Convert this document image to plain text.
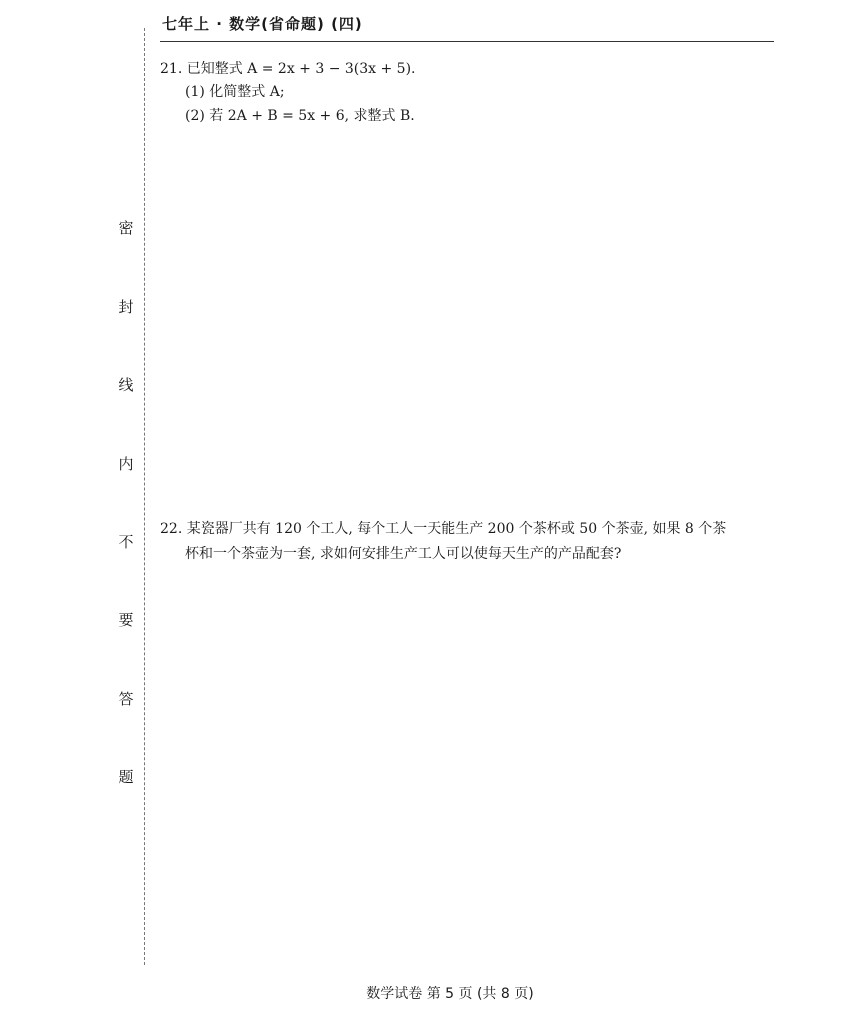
七年上 · 数学(省命题) (四)
密
封
线
内
不
要
答
题
21. 已知整式 A = 2x + 3 − 3(3x + 5).
(1) 化简整式 A;
(2) 若 2A + B = 5x + 6, 求整式 B.
22. 某瓷器厂共有 120 个工人, 每个工人一天能生产 200 个茶杯或 50 个茶壶, 如果 8 个茶
杯和一个茶壶为一套, 求如何安排生产工人可以使每天生产的产品配套?
数学试卷 第 5 页 (共 8 页)
